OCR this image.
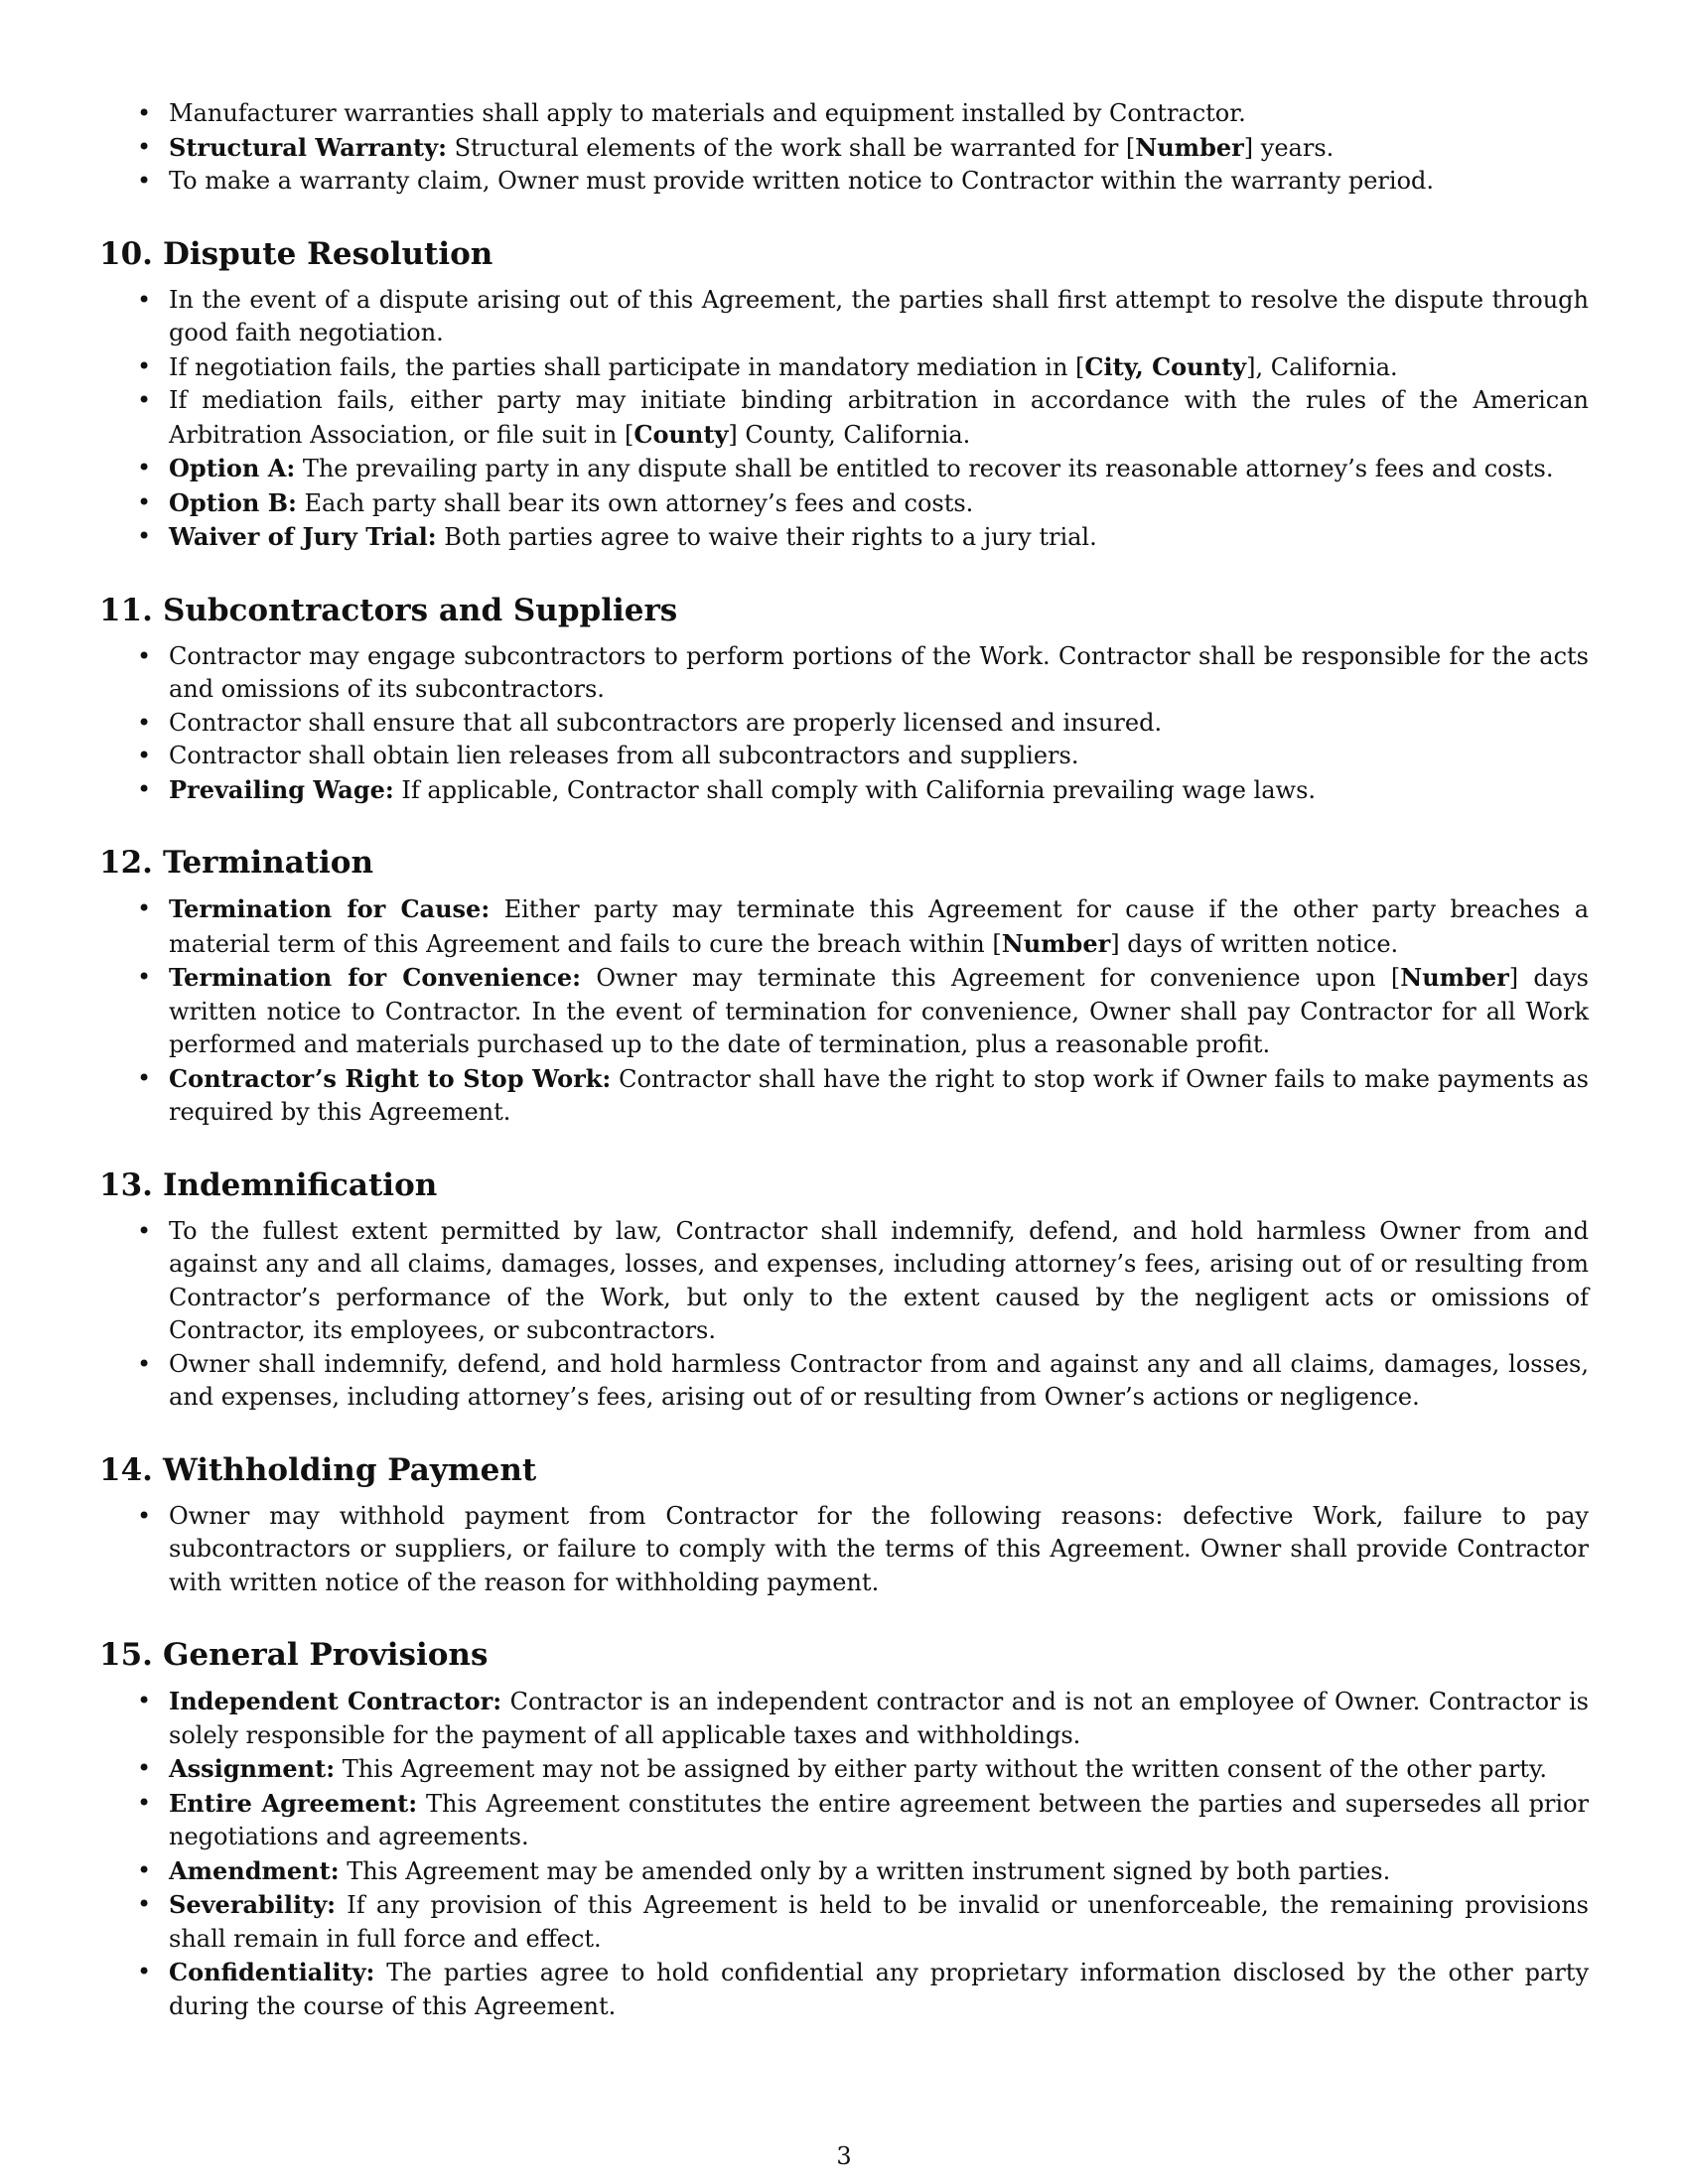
• Manufacturer warranties shall apply to materials and equipment installed by Contractor.
• Structural Warranty: Structural elements of the work shall be warranted for [Number] years.
• To make a warranty claim, Owner must provide written notice to Contractor within the warranty period.
10. Dispute Resolution
• In the event of a dispute arising out of this Agreement, the parties shall first attempt to resolve the dispute through good faith negotiation.
• If negotiation fails, the parties shall participate in mandatory mediation in [City, County], California.
• If mediation fails, either party may initiate binding arbitration in accordance with the rules of the American Arbitration Association, or file suit in [County] County, California.
• Option A: The prevailing party in any dispute shall be entitled to recover its reasonable attorney’s fees and costs.
• Option B: Each party shall bear its own attorney’s fees and costs.
• Waiver of Jury Trial: Both parties agree to waive their rights to a jury trial.
11. Subcontractors and Suppliers
• Contractor may engage subcontractors to perform portions of the Work. Contractor shall be responsible for the acts and omissions of its subcontractors.
• Contractor shall ensure that all subcontractors are properly licensed and insured.
• Contractor shall obtain lien releases from all subcontractors and suppliers.
• Prevailing Wage: If applicable, Contractor shall comply with California prevailing wage laws.
12. Termination
• Termination for Cause: Either party may terminate this Agreement for cause if the other party breaches a material term of this Agreement and fails to cure the breach within [Number] days of written notice.
• Termination for Convenience: Owner may terminate this Agreement for convenience upon [Number] days written notice to Contractor. In the event of termination for convenience, Owner shall pay Contractor for all Work performed and materials purchased up to the date of termination, plus a reasonable profit.
• Contractor’s Right to Stop Work: Contractor shall have the right to stop work if Owner fails to make payments as required by this Agreement.
13. Indemnification
• To the fullest extent permitted by law, Contractor shall indemnify, defend, and hold harmless Owner from and against any and all claims, damages, losses, and expenses, including attorney’s fees, arising out of or resulting from Contractor’s performance of the Work, but only to the extent caused by the negligent acts or omissions of Contractor, its employees, or subcontractors.
• Owner shall indemnify, defend, and hold harmless Contractor from and against any and all claims, damages, losses, and expenses, including attorney’s fees, arising out of or resulting from Owner’s actions or negligence.
14. Withholding Payment
• Owner may withhold payment from Contractor for the following reasons: defective Work, failure to pay subcontractors or suppliers, or failure to comply with the terms of this Agreement. Owner shall provide Contractor with written notice of the reason for withholding payment.
15. General Provisions
• Independent Contractor: Contractor is an independent contractor and is not an employee of Owner. Contractor is solely responsible for the payment of all applicable taxes and withholdings.
• Assignment: This Agreement may not be assigned by either party without the written consent of the other party.
• Entire Agreement: This Agreement constitutes the entire agreement between the parties and supersedes all prior negotiations and agreements.
• Amendment: This Agreement may be amended only by a written instrument signed by both parties.
• Severability: If any provision of this Agreement is held to be invalid or unenforceable, the remaining provisions shall remain in full force and effect.
• Confidentiality: The parties agree to hold confidential any proprietary information disclosed by the other party during the course of this Agreement.
3
